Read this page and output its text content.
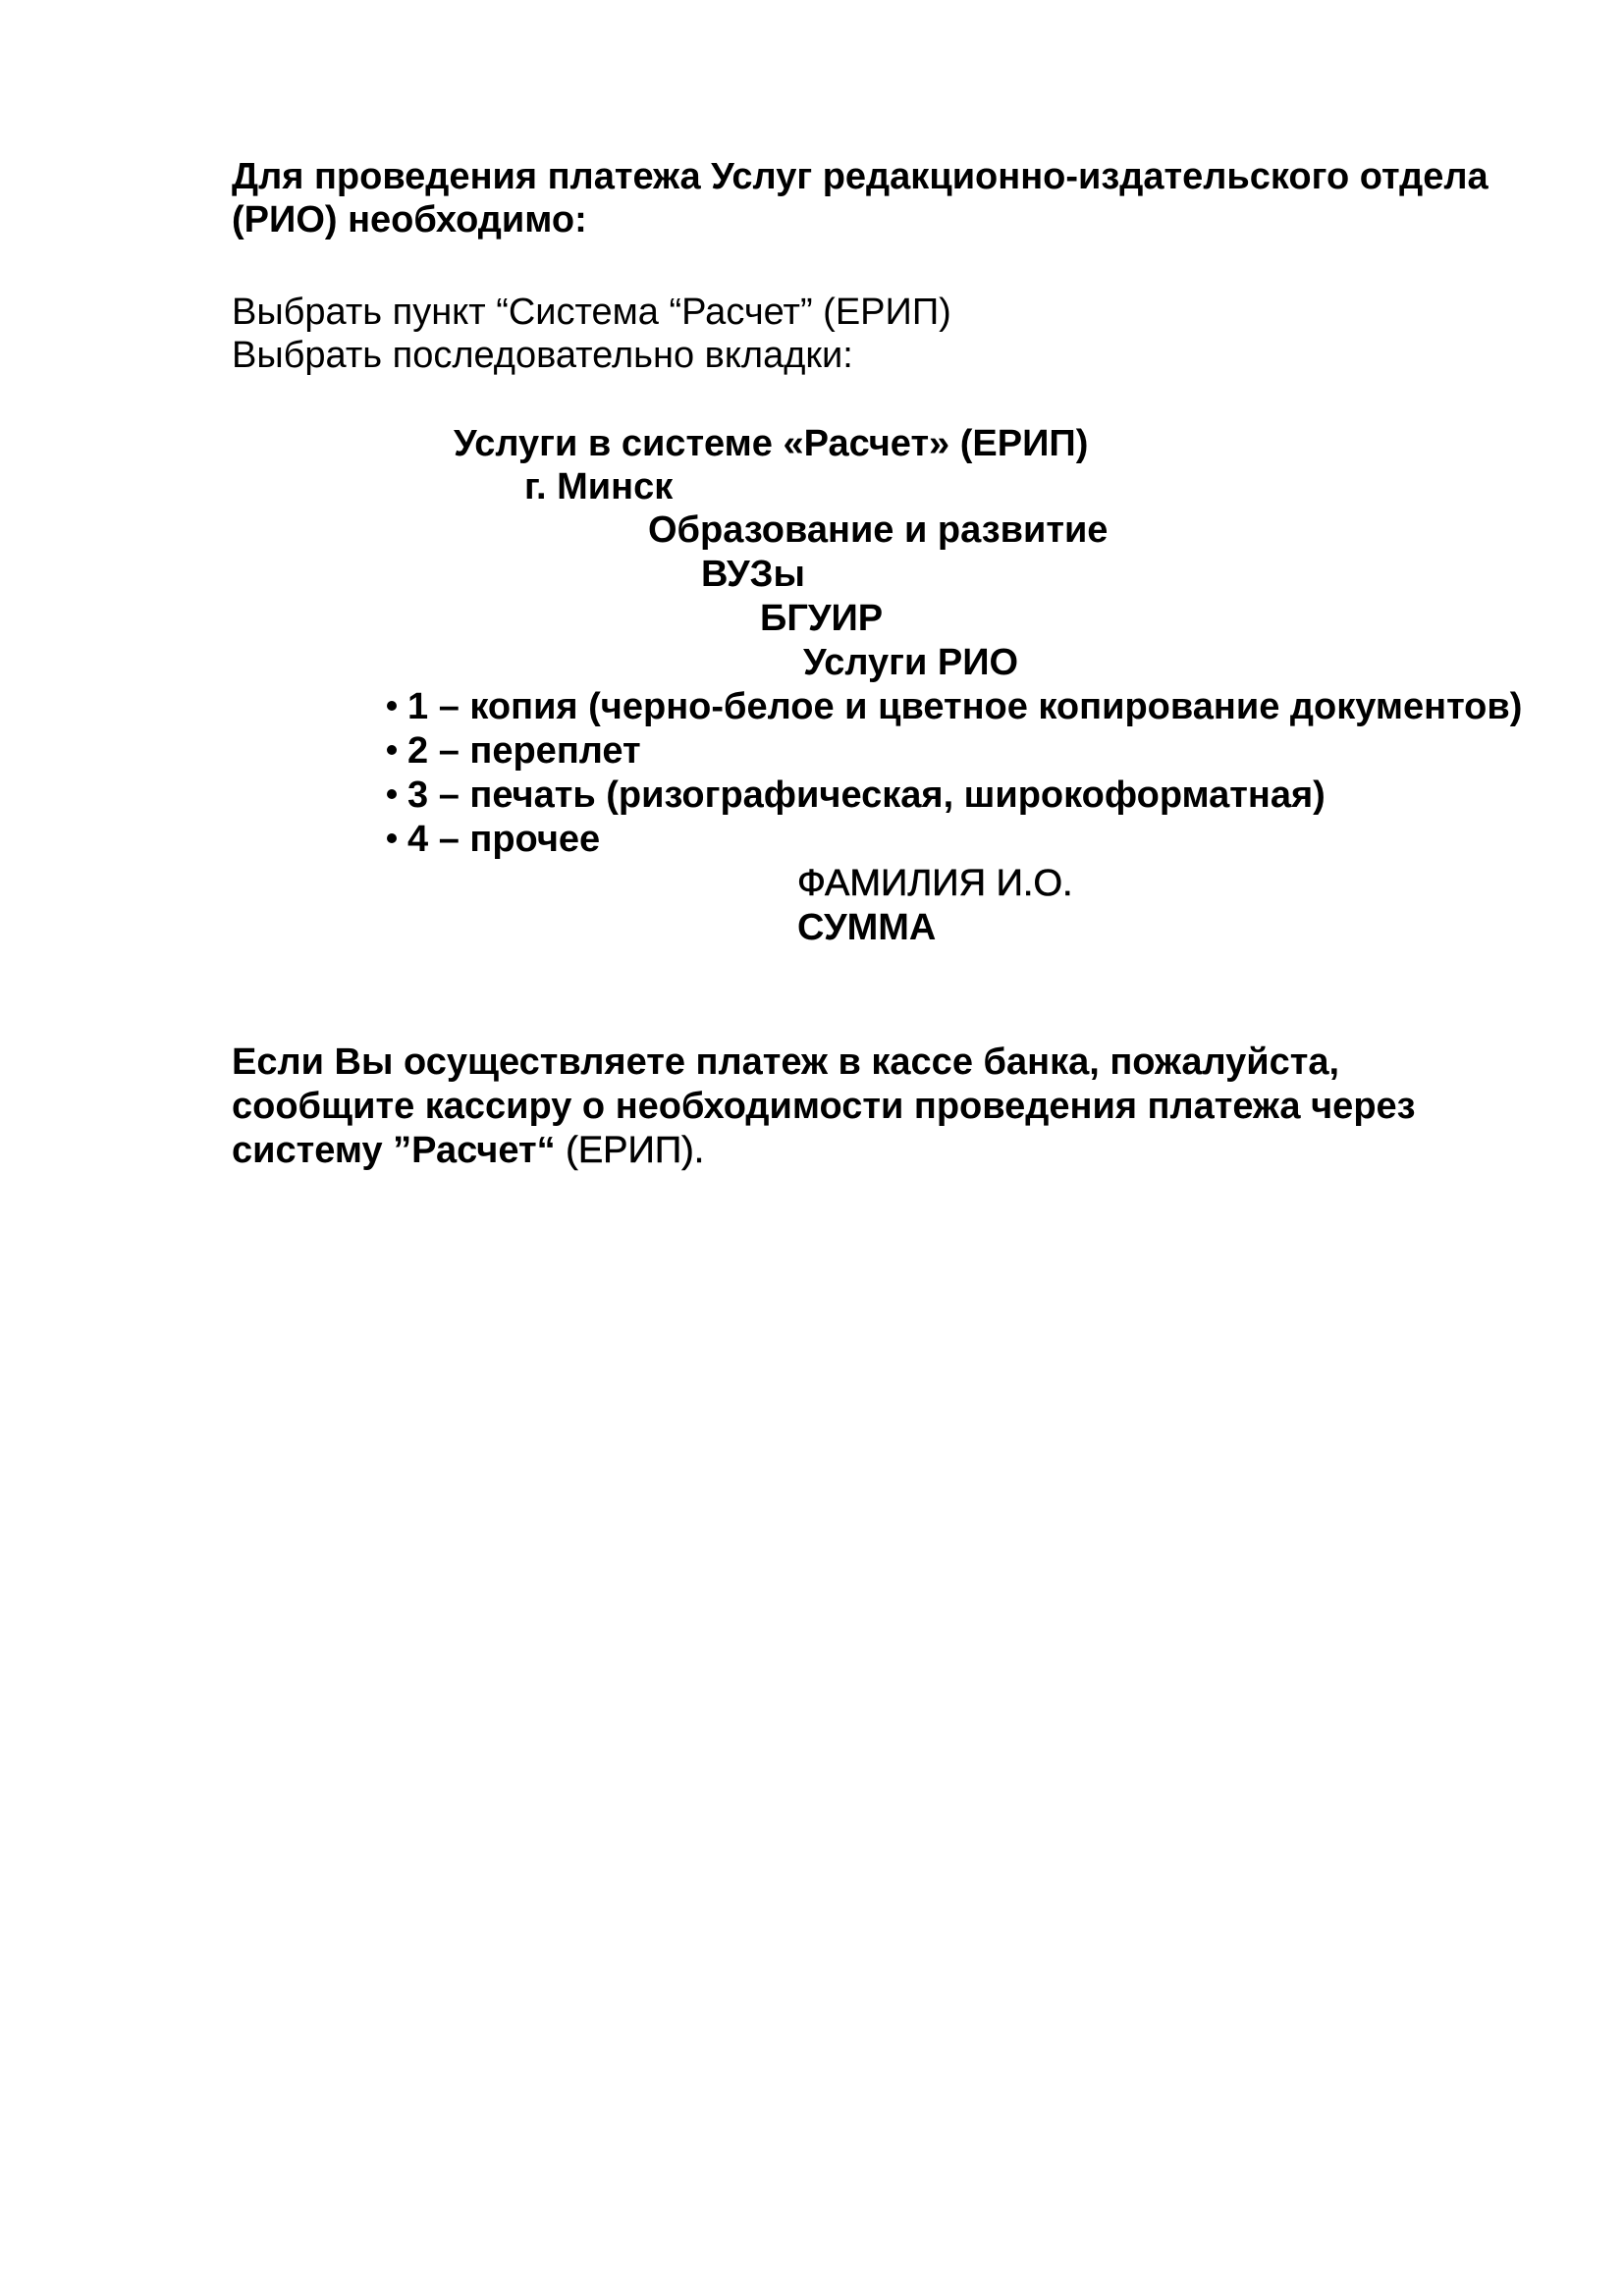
Для проведения платежа Услуг редакционно-издательского отдела
(РИО) необходимо:
Выбрать пункт “Система “Расчет” (ЕРИП)
Выбрать последовательно вкладки:
Услуги в системе «Расчет» (ЕРИП)
г. Минск
Образование и развитие
ВУЗы
БГУИР
Услуги РИО
1 – копия (черно-белое и цветное копирование документов)
2 – переплет
3 – печать (ризографическая, широкоформатная)
4 – прочее
ФАМИЛИЯ И.О.
СУММА
Если Вы осуществляете платеж в кассе банка, пожалуйста,
сообщите кассиру о необходимости проведения платежа через
систему ”Расчет“ (ЕРИП).
